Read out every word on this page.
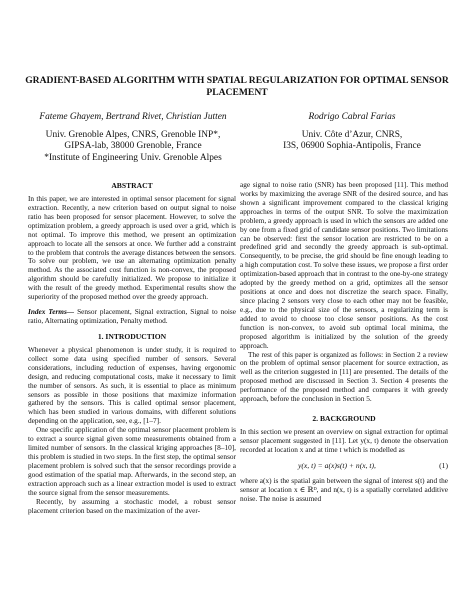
GRADIENT-BASED ALGORITHM WITH SPATIAL REGULARIZATION FOR OPTIMAL SENSOR PLACEMENT
Fateme Ghayem, Bertrand Rivet, Christian Jutten
Univ. Grenoble Alpes, CNRS, Grenoble INP*,
GIPSA-lab, 38000 Grenoble, France
*Institute of Engineering Univ. Grenoble Alpes
Rodrigo Cabral Farias
Univ. Côte d’Azur, CNRS,
I3S, 06900 Sophia-Antipolis, France
ABSTRACT

In this paper, we are interested in optimal sensor placement for signal extraction. Recently, a new criterion based on output signal to noise ratio has been proposed for sensor placement. However, to solve the optimization problem, a greedy approach is used over a grid, which is not optimal. To improve this method, we present an optimization approach to locate all the sensors at once. We further add a constraint to the problem that controls the average distances between the sensors. To solve our problem, we use an alternating optimization penalty method. As the associated cost function is non-convex, the proposed algorithm should be carefully initialized. We propose to initialize it with the result of the greedy method. Experimental results show the superiority of the proposed method over the greedy approach.

Index Terms— Sensor placement, Signal extraction, Signal to noise ratio, Alternating optimization, Penalty method.

1. INTRODUCTION

Whenever a physical phenomenon is under study, it is required to collect some data using specified number of sensors. Several considerations, including reduction of expenses, having ergonomic design, and reducing computational costs, make it necessary to limit the number of sensors. As such, it is essential to place as minimum sensors as possible in those positions that maximize information gathered by the sensors. This is called optimal sensor placement, which has been studied in various domains, with different solutions depending on the application, see, e.g., [1–7].

One specific application of the optimal sensor placement problem is to extract a source signal given some measurements obtained from a limited number of sensors. In the classical kriging approaches [8–10], this problem is studied in two steps. In the first step, the optimal sensor placement problem is solved such that the sensor recordings provide a good estimation of the spatial map. Afterwards, in the second step, an extraction approach such as a linear extraction model is used to extract the source signal from the sensor measurements.

Recently, by assuming a stochastic model, a robust sensor placement criterion based on the maximization of the aver-

age signal to noise ratio (SNR) has been proposed [11]. This method works by maximizing the average SNR of the desired source, and has shown a significant improvement compared to the classical kriging approaches in terms of the output SNR. To solve the maximization problem, a greedy approach is used in which the sensors are added one by one from a fixed grid of candidate sensor positions. Two limitations can be observed: first the sensor location are restricted to be on a predefined grid and secondly the greedy approach is sub-optimal. Consequently, to be precise, the grid should be fine enough leading to a high computation cost. To solve these issues, we propose a first order optimization-based approach that in contrast to the one-by-one strategy adopted by the greedy method on a grid, optimizes all the sensor positions at once and does not discretize the search space. Finally, since placing 2 sensors very close to each other may not be feasible, e.g., due to the physical size of the sensors, a regularizing term is added to avoid to choose too close sensor positions. As the cost function is non-convex, to avoid sub optimal local minima, the proposed algorithm is initialized by the solution of the greedy approach.

The rest of this paper is organized as follows: in Section 2 a review on the problem of optimal sensor placement for source extraction, as well as the criterion suggested in [11] are presented. The details of the proposed method are discussed in Section 3. Section 4 presents the performance of the proposed method and compares it with greedy approach, before the conclusion in Section 5.

2. BACKGROUND

In this section we present an overview on signal extraction for optimal sensor placement suggested in [11]. Let y(x, t) denote the observation recorded at location x and at time t which is modelled as

y(x, t) = a(x)s(t) + n(x, t),	(1)

where a(x) is the spatial gain between the signal of interest s(t) and the sensor at location x ∈ ℝᴰ, and n(x, t) is a spatially correlated additive noise. The noise is assumed
